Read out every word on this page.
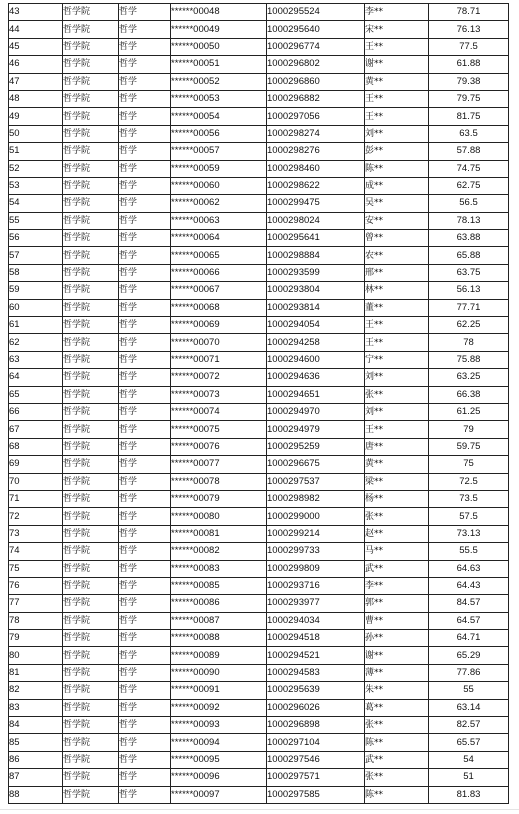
43	哲学院	哲学	******00048	1000295524	李**	78.71
44	哲学院	哲学	******00049	1000295640	宋**	76.13
45	哲学院	哲学	******00050	1000296774	王**	77.5
46	哲学院	哲学	******00051	1000296802	谢**	61.88
47	哲学院	哲学	******00052	1000296860	黄**	79.38
48	哲学院	哲学	******00053	1000296882	王**	79.75
49	哲学院	哲学	******00054	1000297056	王**	81.75
50	哲学院	哲学	******00056	1000298274	刘**	63.5
51	哲学院	哲学	******00057	1000298276	彭**	57.88
52	哲学院	哲学	******00059	1000298460	陈**	74.75
53	哲学院	哲学	******00060	1000298622	成**	62.75
54	哲学院	哲学	******00062	1000299475	吴**	56.5
55	哲学院	哲学	******00063	1000298024	安**	78.13
56	哲学院	哲学	******00064	1000295641	曾**	63.88
57	哲学院	哲学	******00065	1000298884	农**	65.88
58	哲学院	哲学	******00066	1000293599	邢**	63.75
59	哲学院	哲学	******00067	1000293804	林**	56.13
60	哲学院	哲学	******00068	1000293814	董**	77.71
61	哲学院	哲学	******00069	1000294054	王**	62.25
62	哲学院	哲学	******00070	1000294258	王**	78
63	哲学院	哲学	******00071	1000294600	宁**	75.88
64	哲学院	哲学	******00072	1000294636	刘**	63.25
65	哲学院	哲学	******00073	1000294651	张**	66.38
66	哲学院	哲学	******00074	1000294970	刘**	61.25
67	哲学院	哲学	******00075	1000294979	王**	79
68	哲学院	哲学	******00076	1000295259	唐**	59.75
69	哲学院	哲学	******00077	1000296675	黄**	75
70	哲学院	哲学	******00078	1000297537	梁**	72.5
71	哲学院	哲学	******00079	1000298982	杨**	73.5
72	哲学院	哲学	******00080	1000299000	张**	57.5
73	哲学院	哲学	******00081	1000299214	赵**	73.13
74	哲学院	哲学	******00082	1000299733	马**	55.5
75	哲学院	哲学	******00083	1000299809	武**	64.63
76	哲学院	哲学	******00085	1000293716	李**	64.43
77	哲学院	哲学	******00086	1000293977	郭**	84.57
78	哲学院	哲学	******00087	1000294034	曹**	64.57
79	哲学院	哲学	******00088	1000294518	孙**	64.71
80	哲学院	哲学	******00089	1000294521	谢**	65.29
81	哲学院	哲学	******00090	1000294583	薄**	77.86
82	哲学院	哲学	******00091	1000295639	朱**	55
83	哲学院	哲学	******00092	1000296026	葛**	63.14
84	哲学院	哲学	******00093	1000296898	张**	82.57
85	哲学院	哲学	******00094	1000297104	陈**	65.57
86	哲学院	哲学	******00095	1000297546	武**	54
87	哲学院	哲学	******00096	1000297571	张**	51
88	哲学院	哲学	******00097	1000297585	陈**	81.83
